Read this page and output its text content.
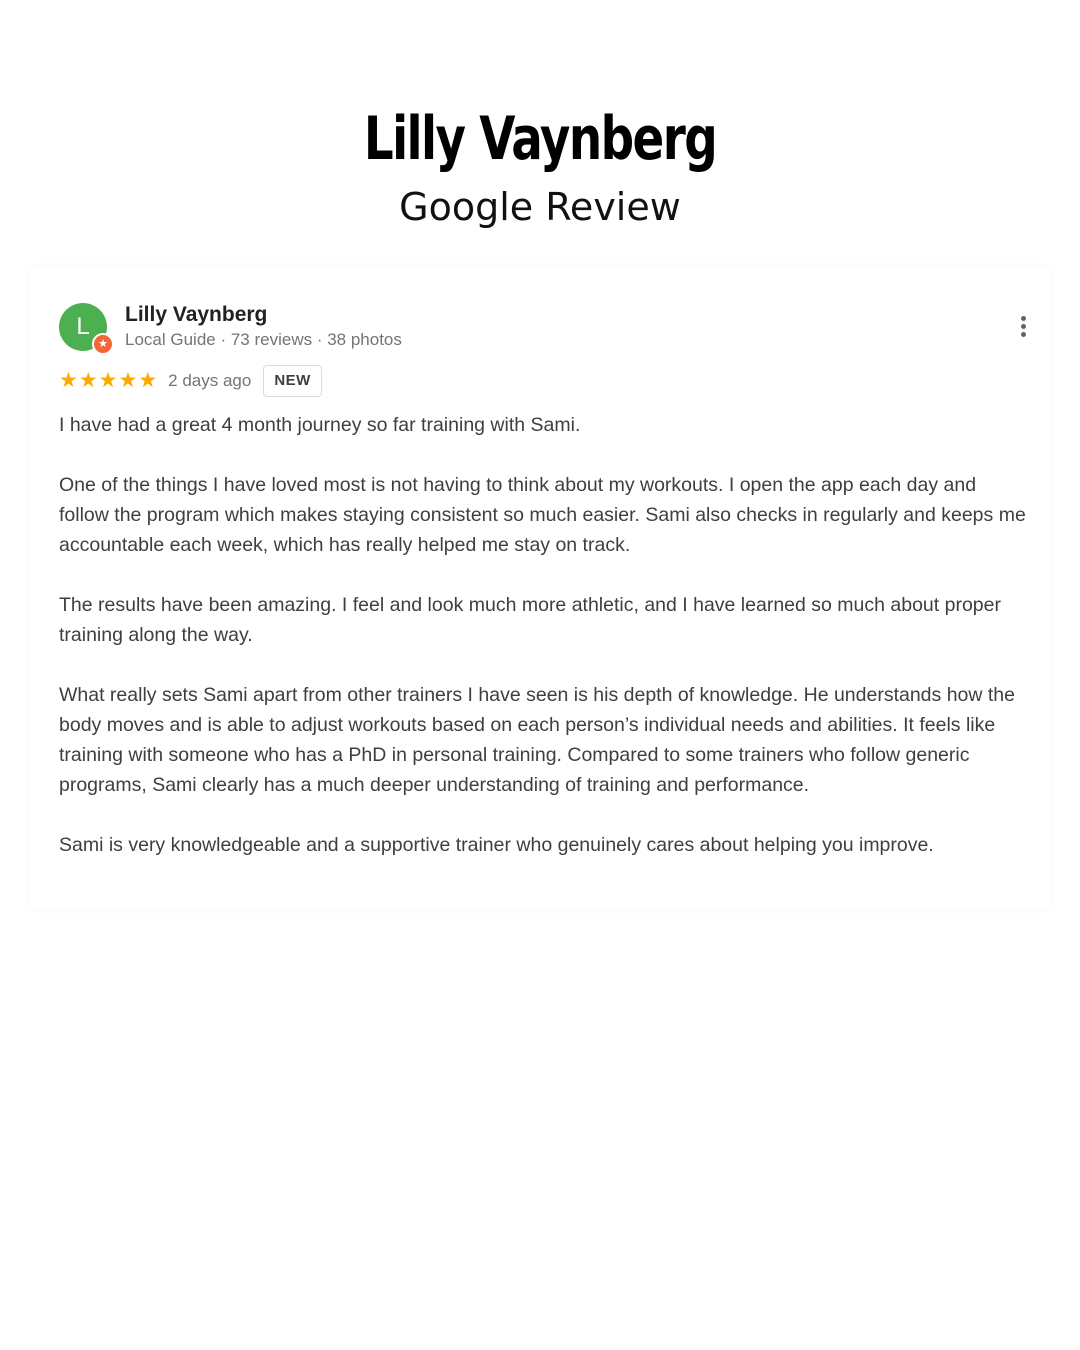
Lilly Vaynberg
Google Review
L
★
Lilly Vaynberg
Local Guide · 73 reviews · 38 photos
★ ★ ★ ★ ★ 2 days ago	NEW

I have had a great 4 month journey so far training with Sami.

One of the things I have loved most is not having to think about my workouts. I open the app each day and follow the program which makes staying consistent so much easier. Sami also checks in regularly and keeps me accountable each week, which has really helped me stay on track.

The results have been amazing. I feel and look much more athletic, and I have learned so much about proper training along the way.

What really sets Sami apart from other trainers I have seen is his depth of knowledge. He understands how the body moves and is able to adjust workouts based on each person’s individual needs and abilities. It feels like training with someone who has a PhD in personal training. Compared to some trainers who follow generic programs, Sami clearly has a much deeper understanding of training and performance.

Sami is very knowledgeable and a supportive trainer who genuinely cares about helping you improve.
